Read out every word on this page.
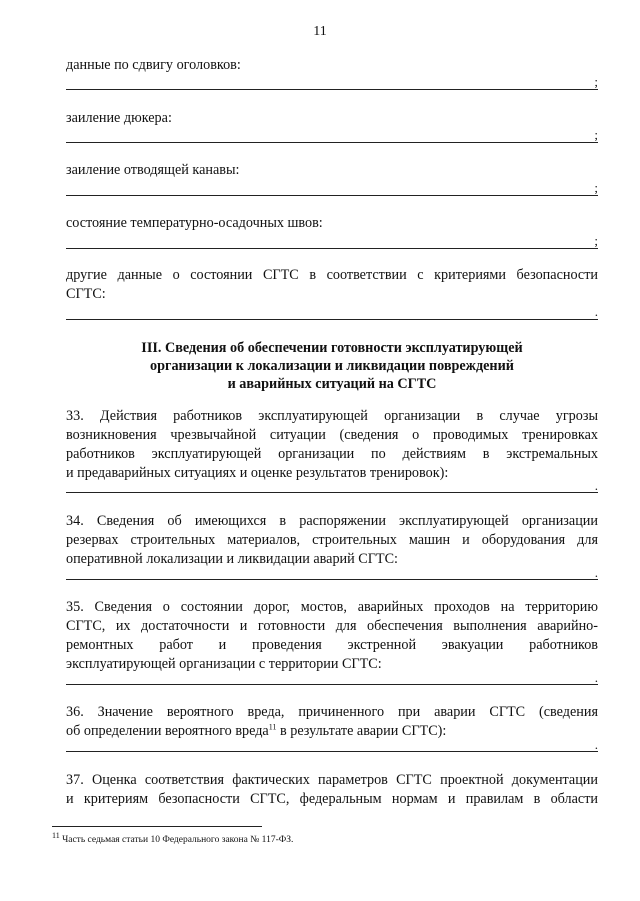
11
данные по сдвигу оголовков:
;
заиление дюкера:
;
заиление отводящей канавы:
;
состояние температурно-осадочных швов:
;
другие данные о состоянии СГТС в соответствии с критериями безопасности
СГТС:
.
III. Сведения об обеспечении готовности эксплуатирующей
организации к локализации и ликвидации повреждений
и аварийных ситуаций на СГТС
33. Действия работников эксплуатирующей организации в случае угрозы
возникновения чрезвычайной ситуации (сведения о проводимых тренировках
работников эксплуатирующей организации по действиям в экстремальных
и предаварийных ситуациях и оценке результатов тренировок):
.
34. Сведения об имеющихся в распоряжении эксплуатирующей организации
резервах строительных материалов, строительных машин и оборудования для
оперативной локализации и ликвидации аварий СГТС:
.
35. Сведения о состоянии дорог, мостов, аварийных проходов на территорию
СГТС, их достаточности и готовности для обеспечения выполнения аварийно-
ремонтных работ и проведения экстренной эвакуации работников
эксплуатирующей организации с территории СГТС:
.
36. Значение вероятного вреда, причиненного при аварии СГТС (сведения
об определении вероятного вреда$^{11}$ в результате аварии СГТС):
.
37. Оценка соответствия фактических параметров СГТС проектной документации
и критериям безопасности СГТС, федеральным нормам и правилам в области
$^{11}$ Часть седьмая статьи 10 Федерального закона № 117-ФЗ.
